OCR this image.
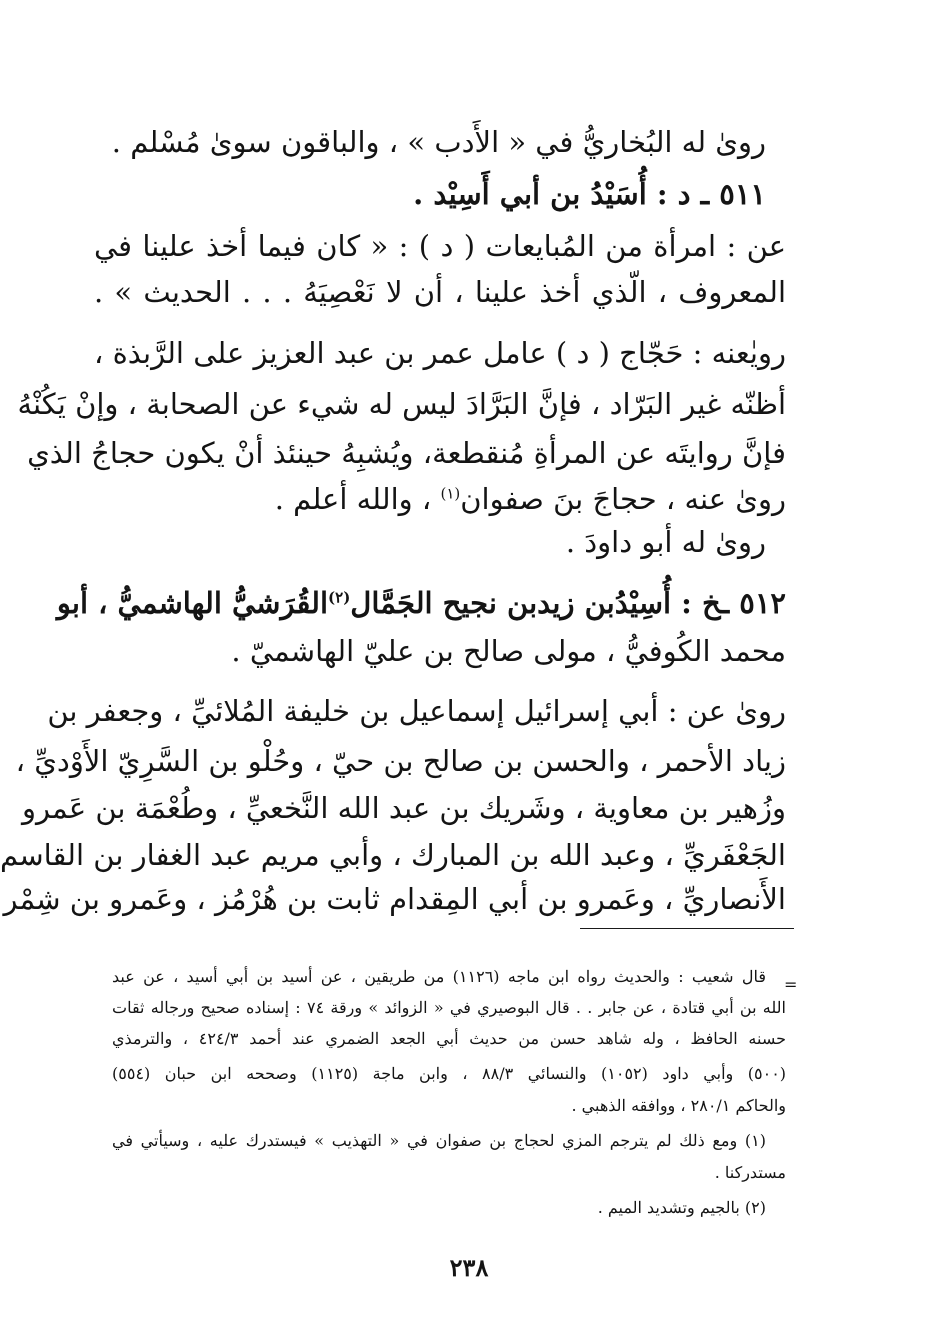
رویٰ له البُخاريُّ في « الأَدب » ، والباقون سوىٰ مُسْلم .
٥١١ ـ د : أُسَيْدُ بن أبي أَسِيْد .
عن : امرأة من المُبايعات ( د ) : « كان فيما أخذ علينا في
المعروف ، الّذي أخذ علينا ، أن لا نَعْصِيَهُ . . . الحديث » .
رویٰعنه : حَجّاج ( د ) عامل عمر بن عبد العزيز على الرَّبذة ،
أظنّه غير البَرّاد ، فإنَّ البَرَّادَ ليس له شيء عن الصحابة ، وإنْ يَكُنْهُ
فإنَّ روايتَه عن المرأةِ مُنقطعة، ويُشبِهُ حينئذ أنْ يكون حجاجُ الذي
رویٰ عنه ، حجاجَ بنَ صفوان$^{(١)}$ ، والله أعلم .
رویٰ له أبو داودَ .
٥١٢ ـخ : أُسِيْدُبن زيدبن نجيح الجَمَّال$^{(٢)}$القُرَشيُّ الهاشميُّ ، أبو
محمد الكُوفيُّ ، مولى صالح بن عليّ الهاشميّ .
رویٰ عن : أبي إسرائيل إسماعيل بن خليفة المُلائيِّ ، وجعفر بن
زياد الأحمر ، والحسن بن صالح بن حيّ ، وحُلْو بن السَّرِيّ الأَوْديِّ ،
وزُهير بن معاوية ، وشَريك بن عبد الله النَّخعيِّ ، وطُعْمَة بن عَمرو
الجَعْفَريِّ ، وعبد الله بن المبارك ، وأبي مريم عبد الغفار بن القاسم
الأَنصاريِّ ، وعَمرو بن أبي المِقدام ثابت بن هُرْمُز ، وعَمرو بن شِمْر
=
قال شعيب : والحديث رواه ابن ماجه (١١٢٦) من طريقين ، عن أسيد بن أبي أسيد ، عن عبد
الله بن أبي قتادة ، عن جابر . . قال البوصيري في « الزوائد » ورقة ٧٤ : إسناده صحيح ورجاله ثقات
حسنه الحافظ ، وله شاهد حسن من حديث أبي الجعد الضمري عند أحمد ٤٢٤/٣ ، والترمذي
(٥٠٠) وأبي داود (١٠٥٢) والنسائي ٨٨/٣ ، وابن ماجة (١١٢٥) وصححه ابن حبان (٥٥٤)
والحاكم ٢٨٠/١ ، ووافقه الذهبي .
(١) ومع ذلك لم يترجم المزي لحجاج بن صفوان في « التهذيب » فيستدرك عليه ، وسيأتي في
مستدركنا .
(٢) بالجيم وتشديد الميم .
٢٣٨
